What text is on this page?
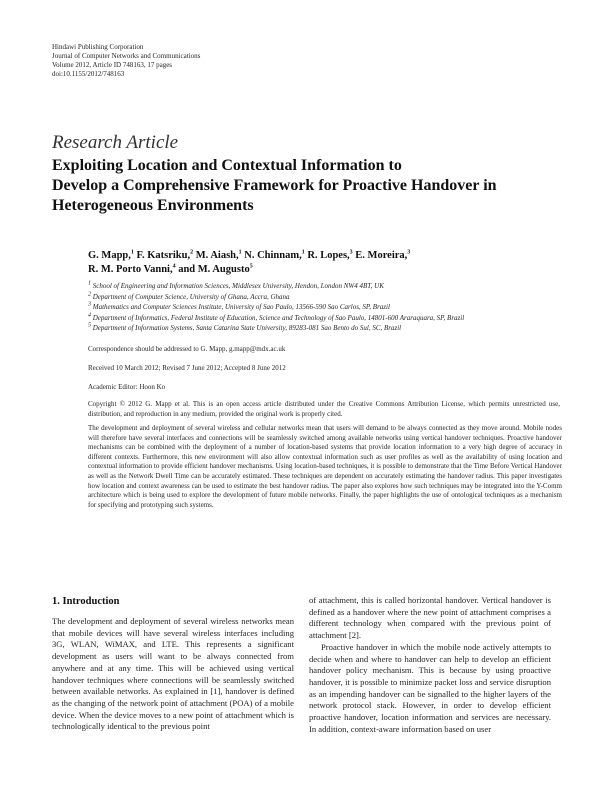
Hindawi Publishing Corporation
Journal of Computer Networks and Communications
Volume 2012, Article ID 748163, 17 pages
doi:10.1155/2012/748163
Research Article
Exploiting Location and Contextual Information to
Develop a Comprehensive Framework for Proactive Handover in
Heterogeneous Environments
G. Mapp,$^1$ F. Katsriku,$^2$ M. Aiash,$^1$ N. Chinnam,$^1$ R. Lopes,$^3$ E. Moreira,$^3$
R. M. Porto Vanni,$^4$ and M. Augusto$^5$
$^1$ School of Engineering and Information Sciences, Middlesex University, Hendon, London NW4 4BT, UK
$^2$ Department of Computer Science, University of Ghana, Accra, Ghana
$^3$ Mathematics and Computer Sciences Institute, University of Sao Paulo, 13566-590 Sao Carlos, SP, Brazil
$^4$ Department of Informatics, Federal Institute of Education, Science and Technology of Sao Paulo, 14801-600 Araraquara, SP, Brazil
$^5$ Department of Information Systems, Santa Catarina State University, 89283-081 Sao Bento do Sul, SC, Brazil
Correspondence should be addressed to G. Mapp, g.mapp@mdx.ac.uk
Received 10 March 2012; Revised 7 June 2012; Accepted 8 June 2012
Academic Editor: Hoon Ko
Copyright © 2012 G. Mapp et al. This is an open access article distributed under the Creative Commons Attribution License, which permits unrestricted use, distribution, and reproduction in any medium, provided the original work is properly cited.
The development and deployment of several wireless and cellular networks mean that users will demand to be always connected as they move around. Mobile nodes will therefore have several interfaces and connections will be seamlessly switched among available networks using vertical handover techniques. Proactive handover mechanisms can be combined with the deployment of a number of location-based systems that provide location information to a very high degree of accuracy in different contexts. Furthermore, this new environment will also allow contextual information such as user profiles as well as the availability of using location and contextual information to provide efficient handover mechanisms. Using location-based techniques, it is possible to demonstrate that the Time Before Vertical Handover as well as the Network Dwell Time can be accurately estimated. These techniques are dependent on accurately estimating the handover radius. This paper investigates how location and context awareness can be used to estimate the best handover radius. The paper also explores how such techniques may be integrated into the Y-Comm architecture which is being used to explore the development of future mobile networks. Finally, the paper highlights the use of ontological techniques as a mechanism for specifying and prototyping such systems.
1. Introduction

The development and deployment of several wireless networks mean that mobile devices will have several wireless interfaces including 3G, WLAN, WiMAX, and LTE. This represents a significant development as users will want to be always connected from anywhere and at any time. This will be achieved using vertical handover techniques where connections will be seamlessly switched between available networks. As explained in [1], handover is defined as the changing of the network point of attachment (POA) of a mobile device. When the device moves to a new point of attachment which is technologically identical to the previous point

of attachment, this is called horizontal handover. Vertical handover is defined as a handover where the new point of attachment comprises a different technology when compared with the previous point of attachment [2].

Proactive handover in which the mobile node actively attempts to decide when and where to handover can help to develop an efficient handover policy mechanism. This is because by using proactive handover, it is possible to minimize packet loss and service disruption as an impending handover can be signalled to the higher layers of the network protocol stack. However, in order to develop efficient proactive handover, location information and services are necessary. In addition, context-aware information based on user
